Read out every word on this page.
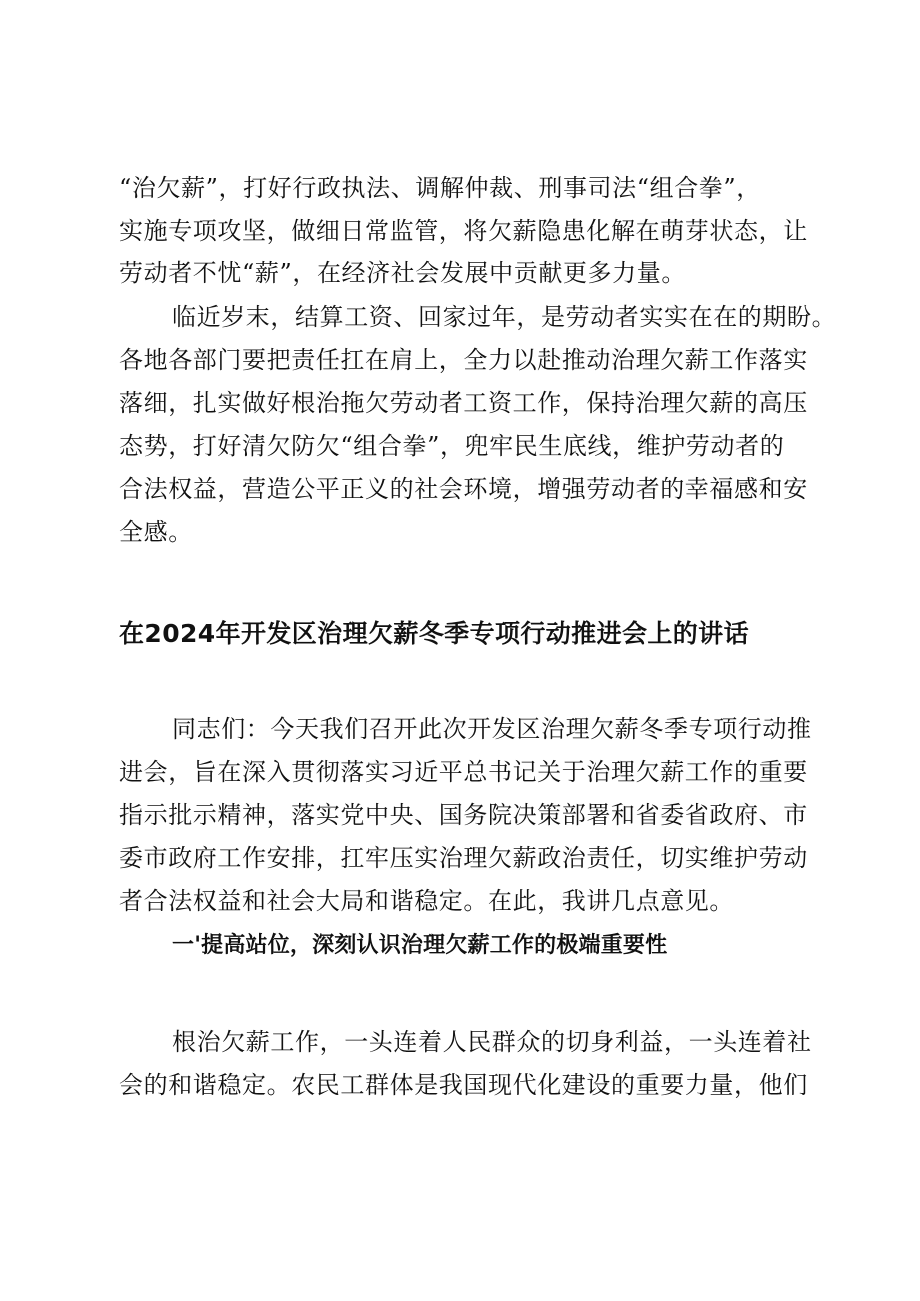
“治欠薪”，打好行政执法、调解仲裁、刑事司法“组合拳”，
实施专项攻坚，做细日常监管，将欠薪隐患化解在萌芽状态，让
劳动者不忧“薪”，在经济社会发展中贡献更多力量。
临近岁末，结算工资、回家过年，是劳动者实实在在的期盼。
各地各部门要把责任扛在肩上，全力以赴推动治理欠薪工作落实
落细，扎实做好根治拖欠劳动者工资工作，保持治理欠薪的高压
态势，打好清欠防欠“组合拳”，兜牢民生底线，维护劳动者的
合法权益，营造公平正义的社会环境，增强劳动者的幸福感和安
全感。
在2024年开发区治理欠薪冬季专项行动推进会上的讲话
同志们：今天我们召开此次开发区治理欠薪冬季专项行动推
进会，旨在深入贯彻落实习近平总书记关于治理欠薪工作的重要
指示批示精神，落实党中央、国务院决策部署和省委省政府、市
委市政府工作安排，扛牢压实治理欠薪政治责任，切实维护劳动
者合法权益和社会大局和谐稳定。在此，我讲几点意见。
一'提高站位，深刻认识治理欠薪工作的极端重要性
根治欠薪工作，一头连着人民群众的切身利益，一头连着社
会的和谐稳定。农民工群体是我国现代化建设的重要力量，他们
